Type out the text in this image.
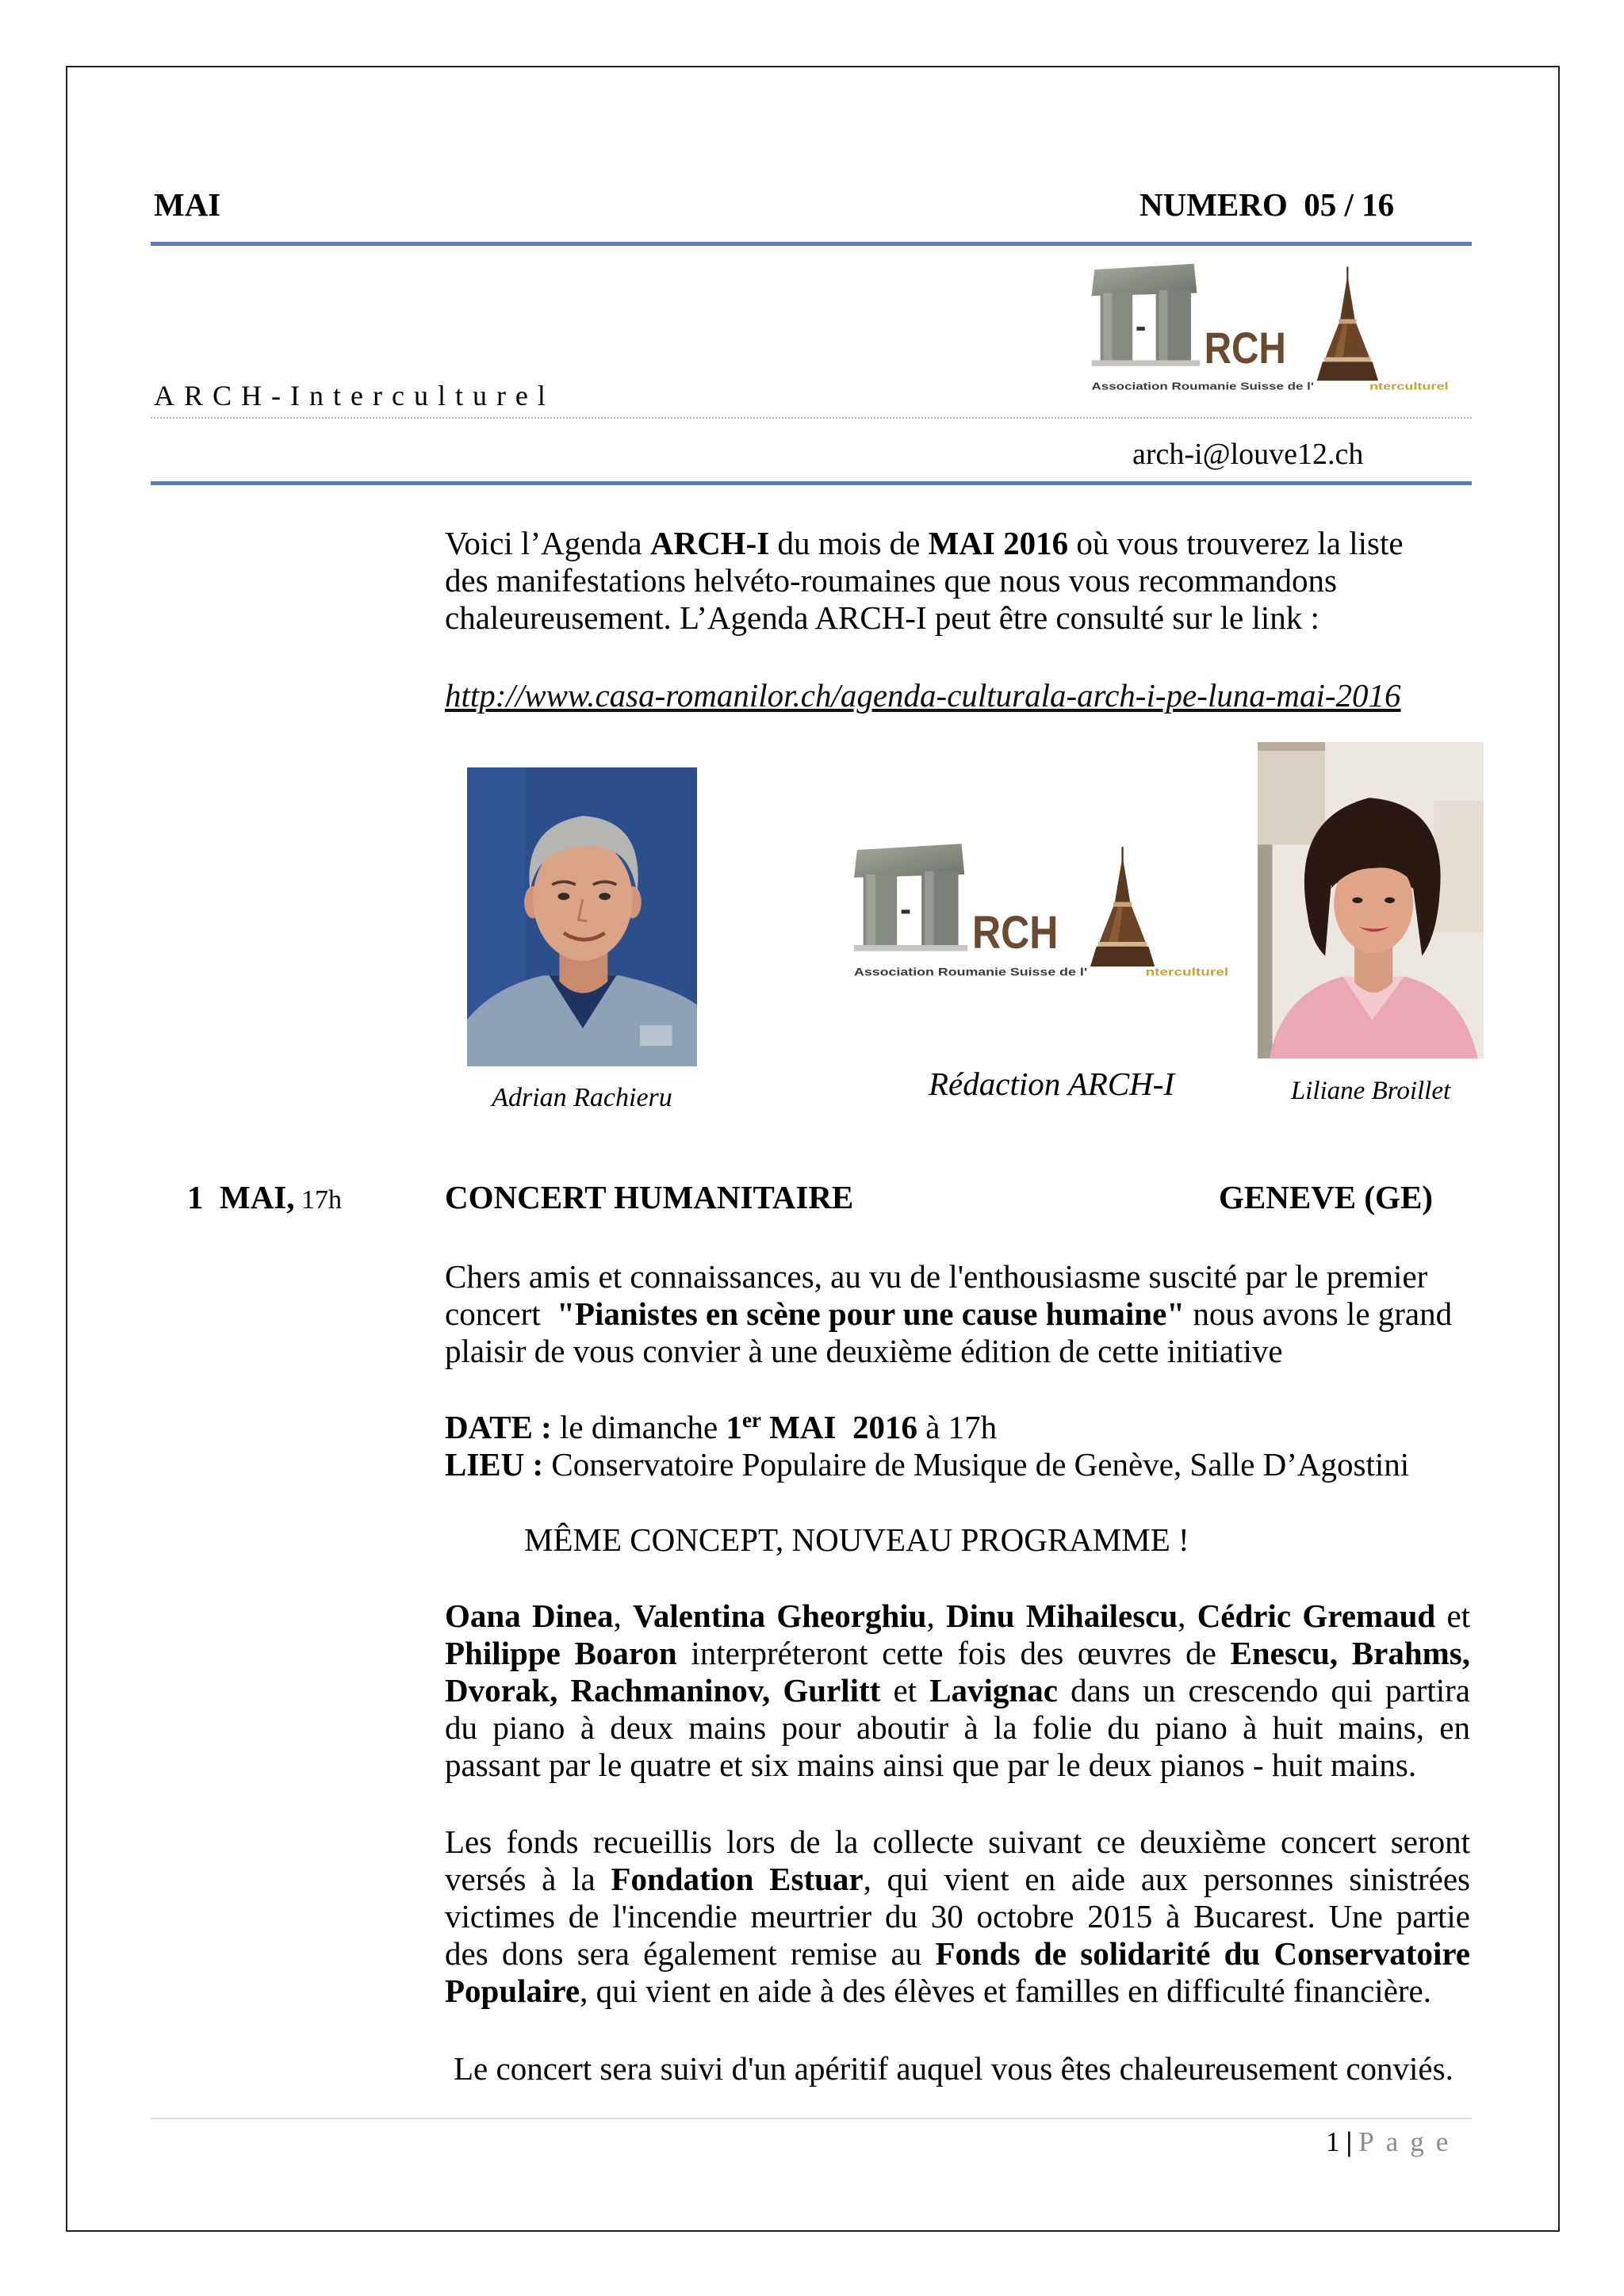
MAI	NUMERO  05 / 16
- RCH
Association Roumanie Suisse de l'	nterculturel
ARCH-Interculturel
arch-i@louve12.ch
Voici l’Agenda ARCH-I du mois de MAI 2016 où vous trouverez la liste
des manifestations helvéto-roumaines que nous vous recommandons
chaleureusement. L’Agenda ARCH-I peut être consulté sur le link :
http://www.casa-romanilor.ch/agenda-culturala-arch-i-pe-luna-mai-2016
-	RCH
Association Roumanie Suisse de l'	nterculturel
Adrian Rachieru	Rédaction ARCH-I	Liliane Broillet
1  MAI, 17h	CONCERT HUMANITAIRE	GENEVE (GE)
Chers amis et connaissances, au vu de l'enthousiasme suscité par le premier
concert  "Pianistes en scène pour une cause humaine" nous avons le grand
plaisir de vous convier à une deuxième édition de cette initiative
DATE : le dimanche 1er MAI  2016 à 17h
LIEU : Conservatoire Populaire de Musique de Genève, Salle D’Agostini
MÊME CONCEPT, NOUVEAU PROGRAMME !
Oana Dinea, Valentina Gheorghiu, Dinu Mihailescu, Cédric Gremaud et
Philippe Boaron interpréteront cette fois des œuvres de Enescu, Brahms,
Dvorak, Rachmaninov, Gurlitt et Lavignac dans un crescendo qui partira
du piano à deux mains pour aboutir à la folie du piano à huit mains, en
passant par le quatre et six mains ainsi que par le deux pianos - huit mains.
Les fonds recueillis lors de la collecte suivant ce deuxième concert seront
versés à la Fondation Estuar, qui vient en aide aux personnes sinistrées
victimes de l'incendie meurtrier du 30 octobre 2015 à Bucarest. Une partie
des dons sera également remise au Fonds de solidarité du Conservatoire
Populaire, qui vient en aide à des élèves et familles en difficulté financière.
Le concert sera suivi d'un apéritif auquel vous êtes chaleureusement conviés.
1 | Page
